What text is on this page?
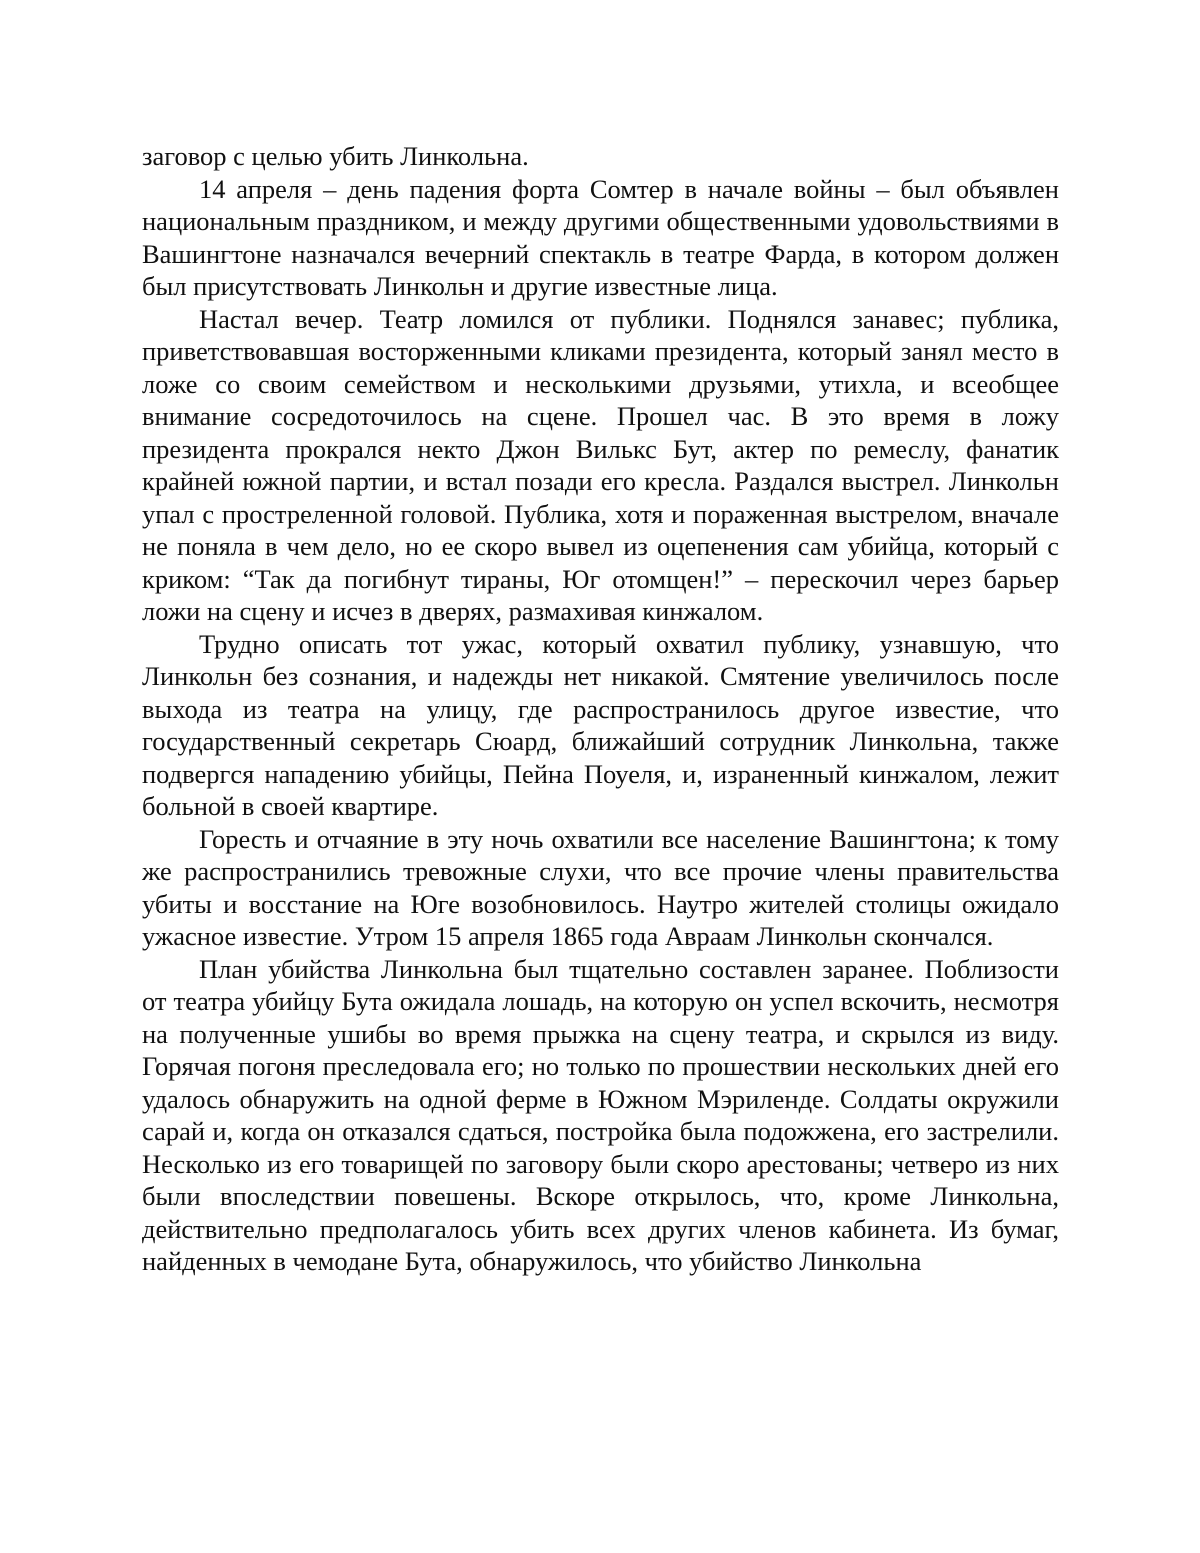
заговор с целью убить Линкольна.

14 апреля – день падения форта Сомтер в начале войны – был объявлен национальным праздником, и между другими общественными удовольствиями в Вашингтоне назначался вечерний спектакль в театре Фарда, в котором должен был присутствовать Линкольн и другие известные лица.

Настал вечер. Театр ломился от публики. Поднялся занавес; публика, приветствовавшая восторженными кликами президента, который занял место в ложе со своим семейством и несколькими друзьями, утихла, и всеобщее внимание сосредоточилось на сцене. Прошел час. В это время в ложу президента прокрался некто Джон Вилькс Бут, актер по ремеслу, фанатик крайней южной партии, и встал позади его кресла. Раздался выстрел. Линкольн упал с простреленной головой. Публика, хотя и пораженная выстрелом, вначале не поняла в чем дело, но ее скоро вывел из оцепенения сам убийца, который с криком: “Так да погибнут тираны, Юг отомщен!” – перескочил через барьер ложи на сцену и исчез в дверях, размахивая кинжалом.

Трудно описать тот ужас, который охватил публику, узнавшую, что Линкольн без сознания, и надежды нет никакой. Смятение увеличилось после выхода из театра на улицу, где распространилось другое известие, что государственный секретарь Сюард, ближайший сотрудник Линкольна, также подвергся нападению убийцы, Пейна Поуеля, и, израненный кинжалом, лежит больной в своей квартире.

Горесть и отчаяние в эту ночь охватили все население Вашингтона; к тому же распространились тревожные слухи, что все прочие члены правительства убиты и восстание на Юге возобновилось. Наутро жителей столицы ожидало ужасное известие. Утром 15 апреля 1865 года Авраам Линкольн скончался.

План убийства Линкольна был тщательно составлен заранее. Поблизости от театра убийцу Бута ожидала лошадь, на которую он успел вскочить, несмотря на полученные ушибы во время прыжка на сцену театра, и скрылся из виду. Горячая погоня преследовала его; но только по прошествии нескольких дней его удалось обнаружить на одной ферме в Южном Мэриленде. Солдаты окружили сарай и, когда он отказался сдаться, постройка была подожжена, его застрелили. Несколько из его товарищей по заговору были скоро арестованы; четверо из них были впоследствии повешены. Вскоре открылось, что, кроме Линкольна, действительно предполагалось убить всех других членов кабинета. Из бумаг, найденных в чемодане Бута, обнаружилось, что убийство Линкольна
